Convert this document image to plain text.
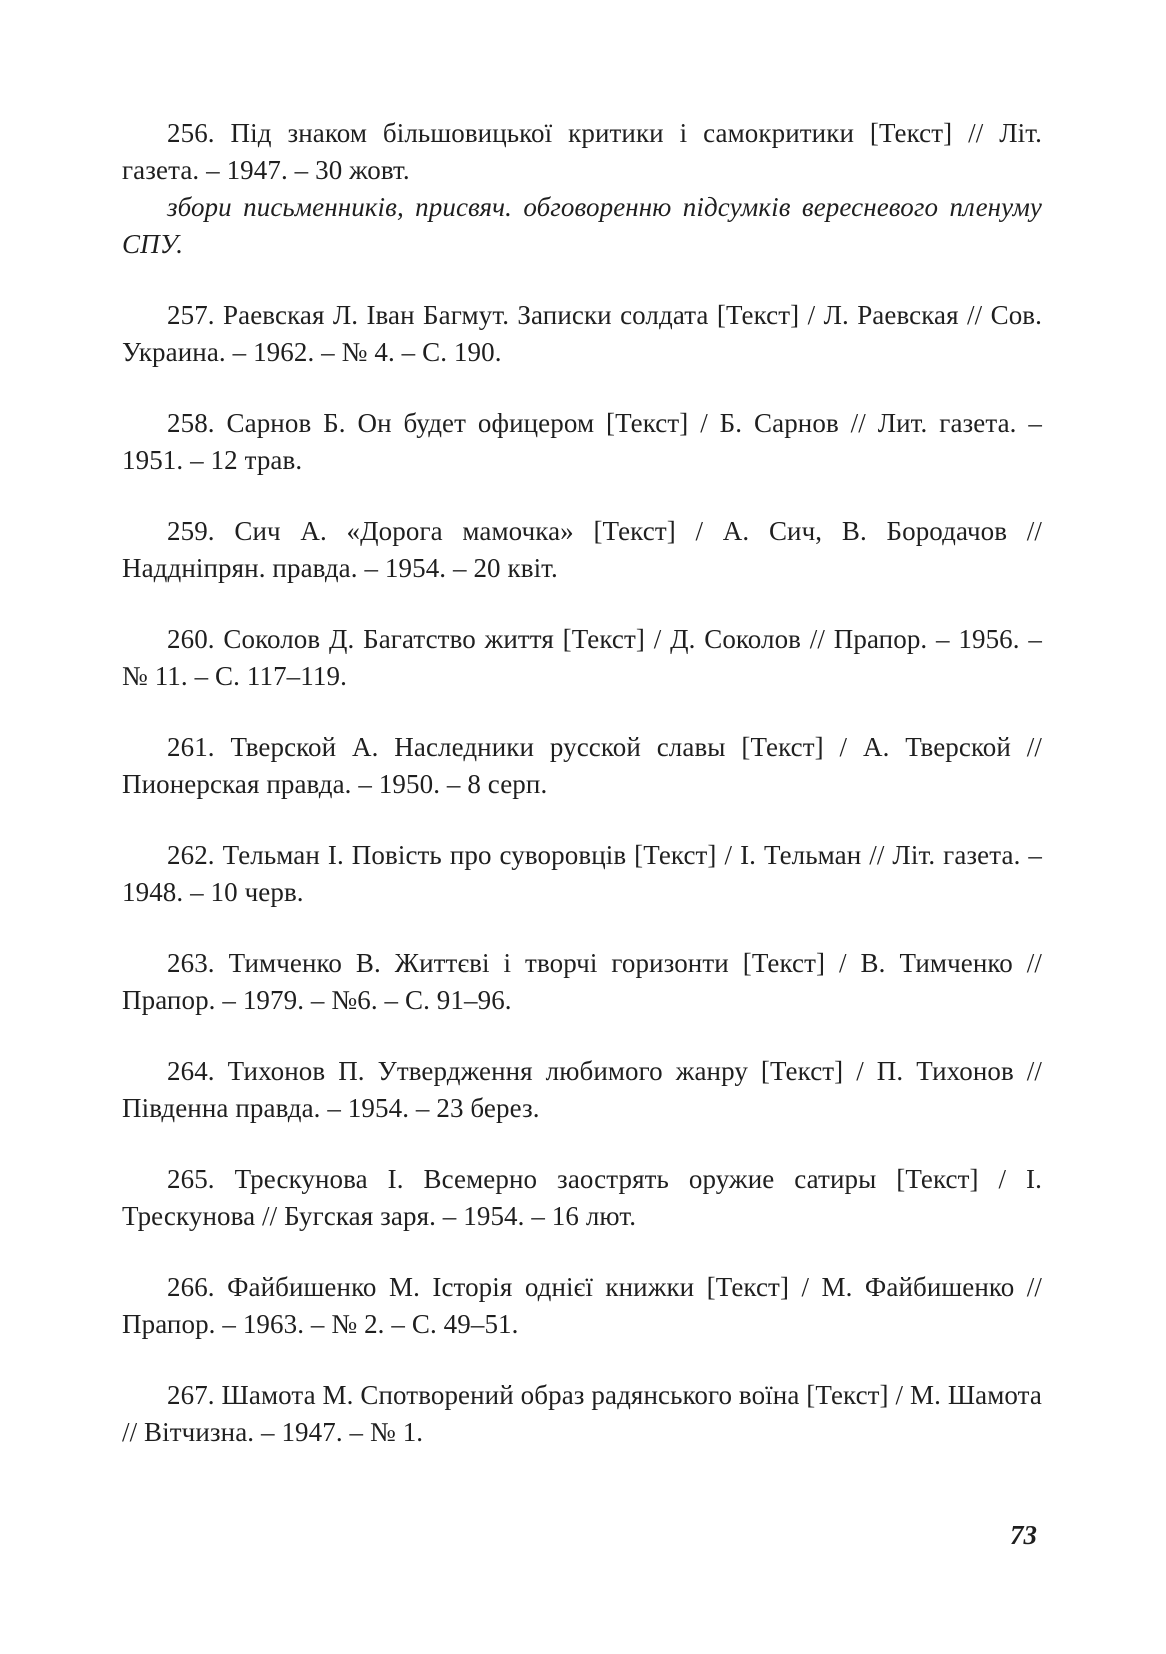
256. Під знаком більшовицької критики і самокритики [Текст] // Літ. газета. – 1947. – 30 жовт.

збори письменників, присвяч. обговоренню підсумків вересневого пленуму СПУ.

257. Раевская Л. Іван Багмут. Записки солдата [Текст] / Л. Раевская // Сов. Украина. – 1962. – № 4. – С. 190.

258. Сарнов Б. Он будет офицером [Текст] / Б. Сарнов // Лит. газета. – 1951. – 12 трав.

259. Сич А. «Дорога мамочка» [Текст] / А. Сич, В. Бородачов // Наддніпрян. правда. – 1954. – 20 квіт.

260. Соколов Д. Багатство життя [Текст] / Д. Соколов // Прапор. – 1956. – № 11. – С. 117–119.

261. Тверской А. Наследники русской славы [Текст] / А. Тверской // Пионерская правда. – 1950. – 8 серп.

262. Тельман І. Повість про суворовців [Текст] / І. Тельман // Літ. газета. – 1948. – 10 черв.

263. Тимченко В. Життєві і творчі горизонти [Текст] / В. Тимченко // Прапор. – 1979. – №6. – С. 91–96.

264. Тихонов П. Утвердження любимого жанру [Текст] / П. Тихонов // Південна правда. – 1954. – 23 берез.

265. Трескунова І. Всемерно заострять оружие сатиры [Текст] / І. Трескунова // Бугская заря. – 1954. – 16 лют.

266. Файбишенко М. Історія однієї книжки [Текст] / М. Файбишенко // Прапор. – 1963. – № 2. – С. 49–51.

267. Шамота М. Спотворений образ радянського воїна [Текст] / М. Шамота // Вітчизна. – 1947. – № 1.

73
